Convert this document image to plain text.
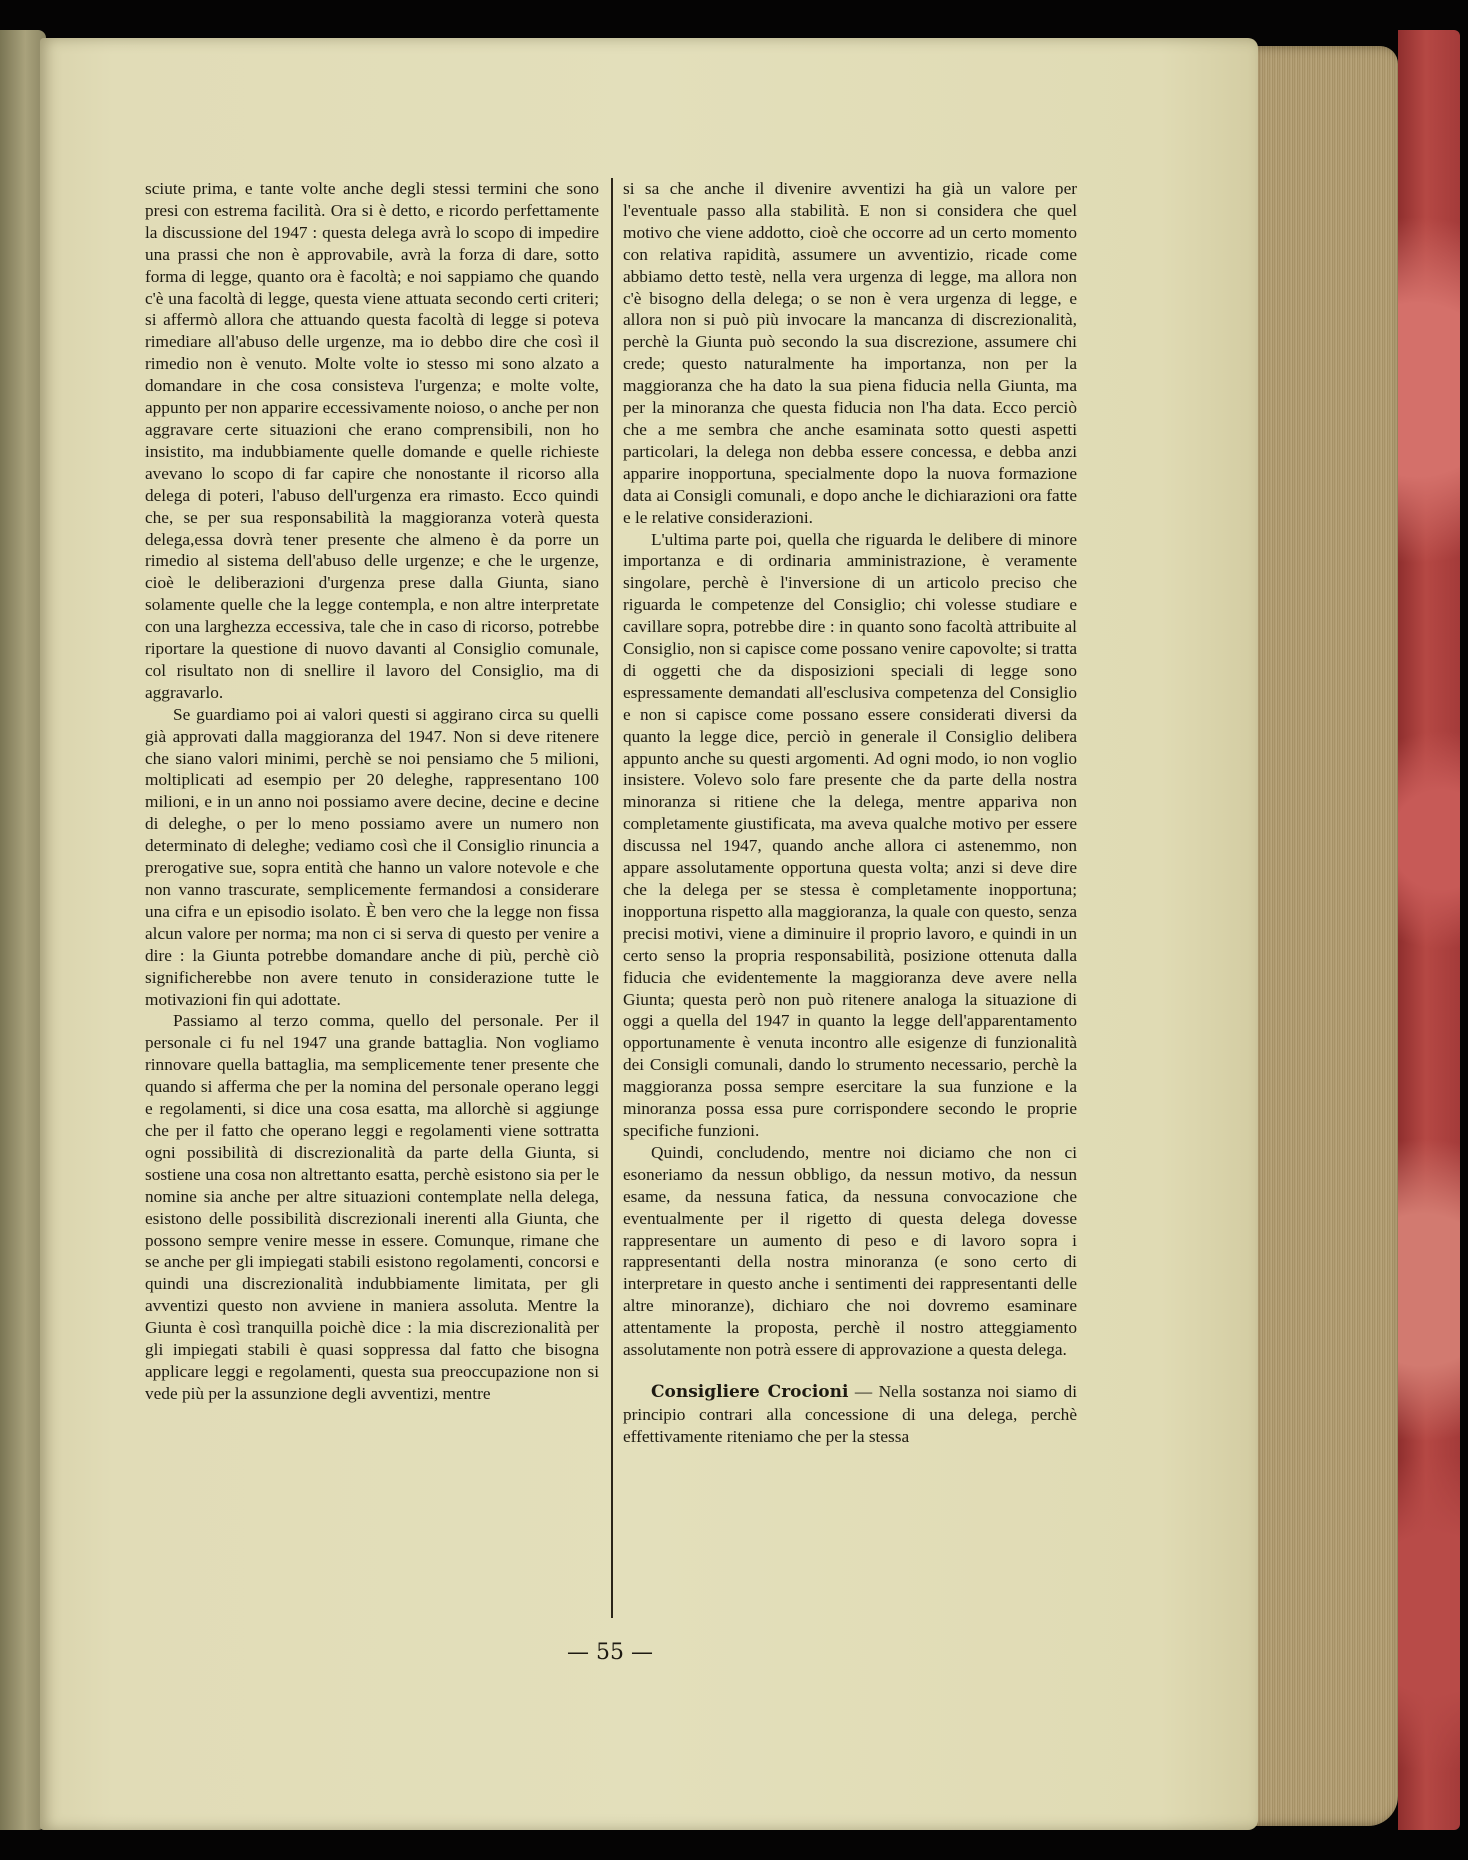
sciute prima, e tante volte anche degli stessi termini che sono presi con estrema facilità. Ora si è detto, e ricordo perfettamente la discussione del 1947 : questa delega avrà lo scopo di impedire una prassi che non è approvabile, avrà la forza di dare, sotto forma di legge, quanto ora è facoltà; e noi sappiamo che quando c'è una facoltà di legge, questa viene attuata secondo certi criteri; si affermò allora che attuando questa facoltà di legge si poteva rimediare all'abuso delle urgenze, ma io debbo dire che così il rimedio non è venuto. Molte volte io stesso mi sono alzato a domandare in che cosa consisteva l'urgenza; e molte volte, appunto per non apparire eccessivamente noioso, o anche per non aggravare certe situazioni che erano comprensibili, non ho insistito, ma indubbiamente quelle domande e quelle richieste avevano lo scopo di far capire che nonostante il ricorso alla delega di poteri, l'abuso dell'urgenza era rimasto. Ecco quindi che, se per sua responsabilità la maggioranza voterà questa delega,essa dovrà tener presente che almeno è da porre un rimedio al sistema dell'abuso delle urgenze; e che le urgenze, cioè le deliberazioni d'urgenza prese dalla Giunta, siano solamente quelle che la legge contempla, e non altre interpretate con una larghezza eccessiva, tale che in caso di ricorso, potrebbe riportare la questione di nuovo davanti al Consiglio comunale, col risultato non di snellire il lavoro del Consiglio, ma di aggravarlo.

Se guardiamo poi ai valori questi si aggirano circa su quelli già approvati dalla maggioranza del 1947. Non si deve ritenere che siano valori minimi, perchè se noi pensiamo che 5 milioni, moltiplicati ad esempio per 20 deleghe, rappresentano 100 milioni, e in un anno noi possiamo avere decine, decine e decine di deleghe, o per lo meno possiamo avere un numero non determinato di deleghe; vediamo così che il Consiglio rinuncia a prerogative sue, sopra entità che hanno un valore notevole e che non vanno trascurate, semplicemente fermandosi a considerare una cifra e un episodio isolato. È ben vero che la legge non fissa alcun valore per norma; ma non ci si serva di questo per venire a dire : la Giunta potrebbe domandare anche di più, perchè ciò significherebbe non avere tenuto in considerazione tutte le motivazioni fin qui adottate.

Passiamo al terzo comma, quello del personale. Per il personale ci fu nel 1947 una grande battaglia. Non vogliamo rinnovare quella battaglia, ma semplicemente tener presente che quando si afferma che per la nomina del personale operano leggi e regolamenti, si dice una cosa esatta, ma allorchè si aggiunge che per il fatto che operano leggi e regolamenti viene sottratta ogni possibilità di discrezionalità da parte della Giunta, si sostiene una cosa non altrettanto esatta, perchè esistono sia per le nomine sia anche per altre situazioni contemplate nella delega, esistono delle possibilità discrezionali inerenti alla Giunta, che possono sempre venire messe in essere. Comunque, rimane che se anche per gli impiegati stabili esistono regolamenti, concorsi e quindi una discrezionalità indubbiamente limitata, per gli avventizi questo non avviene in maniera assoluta. Mentre la Giunta è così tranquilla poichè dice : la mia discrezionalità per gli impiegati stabili è quasi soppressa dal fatto che bisogna applicare leggi e regolamenti, questa sua preoccupazione non si vede più per la assunzione degli avventizi, mentre

si sa che anche il divenire avventizi ha già un valore per l'eventuale passo alla stabilità. E non si considera che quel motivo che viene addotto, cioè che occorre ad un certo momento con relativa rapidità, assumere un avventizio, ricade come abbiamo detto testè, nella vera urgenza di legge, ma allora non c'è bisogno della delega; o se non è vera urgenza di legge, e allora non si può più invocare la mancanza di discrezionalità, perchè la Giunta può secondo la sua discrezione, assumere chi crede; questo naturalmente ha importanza, non per la maggioranza che ha dato la sua piena fiducia nella Giunta, ma per la minoranza che questa fiducia non l'ha data. Ecco perciò che a me sembra che anche esaminata sotto questi aspetti particolari, la delega non debba essere concessa, e debba anzi apparire inopportuna, specialmente dopo la nuova formazione data ai Consigli comunali, e dopo anche le dichiarazioni ora fatte e le relative considerazioni.

L'ultima parte poi, quella che riguarda le delibere di minore importanza e di ordinaria amministrazione, è veramente singolare, perchè è l'inversione di un articolo preciso che riguarda le competenze del Consiglio; chi volesse studiare e cavillare sopra, potrebbe dire : in quanto sono facoltà attribuite al Consiglio, non si capisce come possano venire capovolte; si tratta di oggetti che da disposizioni speciali di legge sono espressamente demandati all'esclusiva competenza del Consiglio e non si capisce come possano essere considerati diversi da quanto la legge dice, perciò in generale il Consiglio delibera appunto anche su questi argomenti. Ad ogni modo, io non voglio insistere. Volevo solo fare presente che da parte della nostra minoranza si ritiene che la delega, mentre appariva non completamente giustificata, ma aveva qualche motivo per essere discussa nel 1947, quando anche allora ci astenemmo, non appare assolutamente opportuna questa volta; anzi si deve dire che la delega per se stessa è completamente inopportuna; inopportuna rispetto alla maggioranza, la quale con questo, senza precisi motivi, viene a diminuire il proprio lavoro, e quindi in un certo senso la propria responsabilità, posizione ottenuta dalla fiducia che evidentemente la maggioranza deve avere nella Giunta; questa però non può ritenere analoga la situazione di oggi a quella del 1947 in quanto la legge dell'apparentamento opportunamente è venuta incontro alle esigenze di funzionalità dei Consigli comunali, dando lo strumento necessario, perchè la maggioranza possa sempre esercitare la sua funzione e la minoranza possa essa pure corrispondere secondo le proprie specifiche funzioni.

Quindi, concludendo, mentre noi diciamo che non ci esoneriamo da nessun obbligo, da nessun motivo, da nessun esame, da nessuna fatica, da nessuna convocazione che eventualmente per il rigetto di questa delega dovesse rappresentare un aumento di peso e di lavoro sopra i rappresentanti della nostra minoranza (e sono certo di interpretare in questo anche i sentimenti dei rappresentanti delle altre minoranze), dichiaro che noi dovremo esaminare attentamente la proposta, perchè il nostro atteggiamento assolutamente non potrà essere di approvazione a questa delega.

Consigliere Crocioni — Nella sostanza noi siamo di principio contrari alla concessione di una delega, perchè effettivamente riteniamo che per la stessa

— 55 —
